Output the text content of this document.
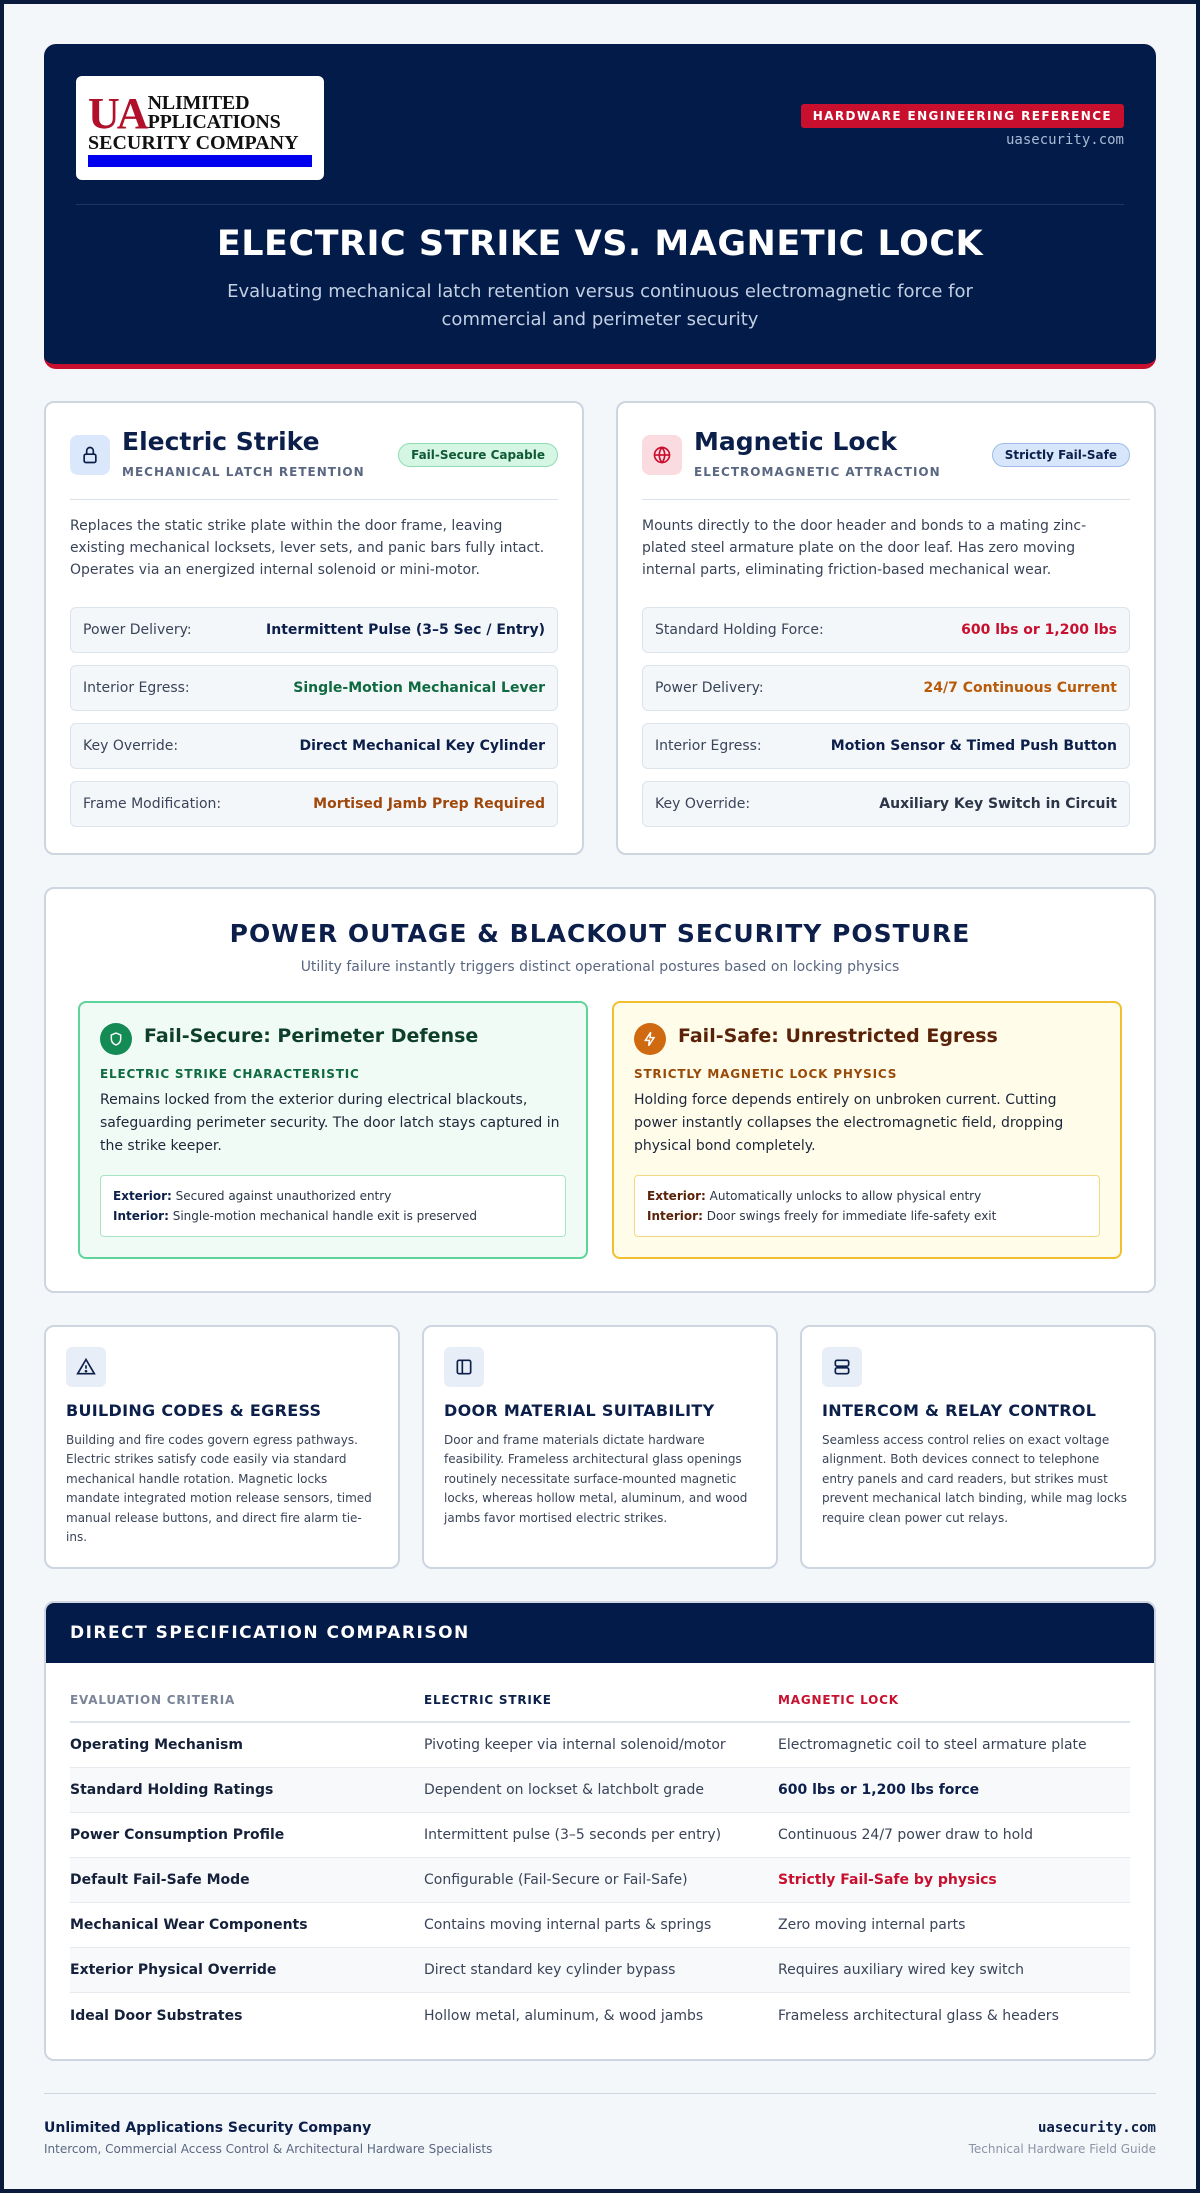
UA NLIMITED
PPLICATIONS
SECURITY COMPANY
HARDWARE ENGINEERING REFERENCE
uasecurity.com
ELECTRIC STRIKE VS. MAGNETIC LOCK

Evaluating mechanical latch retention versus continuous electromagnetic force for commercial and perimeter security

Electric Strike
MECHANICAL LATCH RETENTION
Fail-Secure Capable

Replaces the static strike plate within the door frame, leaving existing mechanical locksets, lever sets, and panic bars fully intact. Operates via an energized internal solenoid or mini-motor.

Power Delivery:	Intermittent Pulse (3–5 Sec / Entry)
Interior Egress:	Single-Motion Mechanical Lever
Key Override:	Direct Mechanical Key Cylinder
Frame Modification:	Mortised Jamb Prep Required
Magnetic Lock
ELECTROMAGNETIC ATTRACTION
Strictly Fail-Safe

Mounts directly to the door header and bonds to a mating zinc-plated steel armature plate on the door leaf. Has zero moving internal parts, eliminating friction-based mechanical wear.

Standard Holding Force:	600 lbs or 1,200 lbs
Power Delivery:	24/7 Continuous Current
Interior Egress:	Motion Sensor & Timed Push Button
Key Override:	Auxiliary Key Switch in Circuit
POWER OUTAGE & BLACKOUT SECURITY POSTURE

Utility failure instantly triggers distinct operational postures based on locking physics

Fail-Secure: Perimeter Defense
ELECTRIC STRIKE CHARACTERISTIC

Remains locked from the exterior during electrical blackouts, safeguarding perimeter security. The door latch stays captured in the strike keeper.

Exterior: Secured against unauthorized entry
Interior: Single-motion mechanical handle exit is preserved
Fail-Safe: Unrestricted Egress
STRICTLY MAGNETIC LOCK PHYSICS

Holding force depends entirely on unbroken current. Cutting power instantly collapses the electromagnetic field, dropping physical bond completely.

Exterior: Automatically unlocks to allow physical entry
Interior: Door swings freely for immediate life-safety exit
BUILDING CODES & EGRESS

Building and fire codes govern egress pathways. Electric strikes satisfy code easily via standard mechanical handle rotation. Magnetic locks mandate integrated motion release sensors, timed manual release buttons, and direct fire alarm tie-ins.

DOOR MATERIAL SUITABILITY

Door and frame materials dictate hardware feasibility. Frameless architectural glass openings routinely necessitate surface-mounted magnetic locks, whereas hollow metal, aluminum, and wood jambs favor mortised electric strikes.

INTERCOM & RELAY CONTROL

Seamless access control relies on exact voltage alignment. Both devices connect to telephone entry panels and card readers, but strikes must prevent mechanical latch binding, while mag locks require clean power cut relays.

DIRECT SPECIFICATION COMPARISON
EVALUATION CRITERIA	ELECTRIC STRIKE	MAGNETIC LOCK
Operating Mechanism	Pivoting keeper via internal solenoid/motor	Electromagnetic coil to steel armature plate
Standard Holding Ratings	Dependent on lockset & latchbolt grade	600 lbs or 1,200 lbs force
Power Consumption Profile	Intermittent pulse (3–5 seconds per entry)	Continuous 24/7 power draw to hold
Default Fail-Safe Mode	Configurable (Fail-Secure or Fail-Safe)	Strictly Fail-Safe by physics
Mechanical Wear Components	Contains moving internal parts & springs	Zero moving internal parts
Exterior Physical Override	Direct standard key cylinder bypass	Requires auxiliary wired key switch
Ideal Door Substrates	Hollow metal, aluminum, & wood jambs	Frameless architectural glass & headers
Unlimited Applications Security Company
Intercom, Commercial Access Control & Architectural Hardware Specialists
uasecurity.com
Technical Hardware Field Guide
